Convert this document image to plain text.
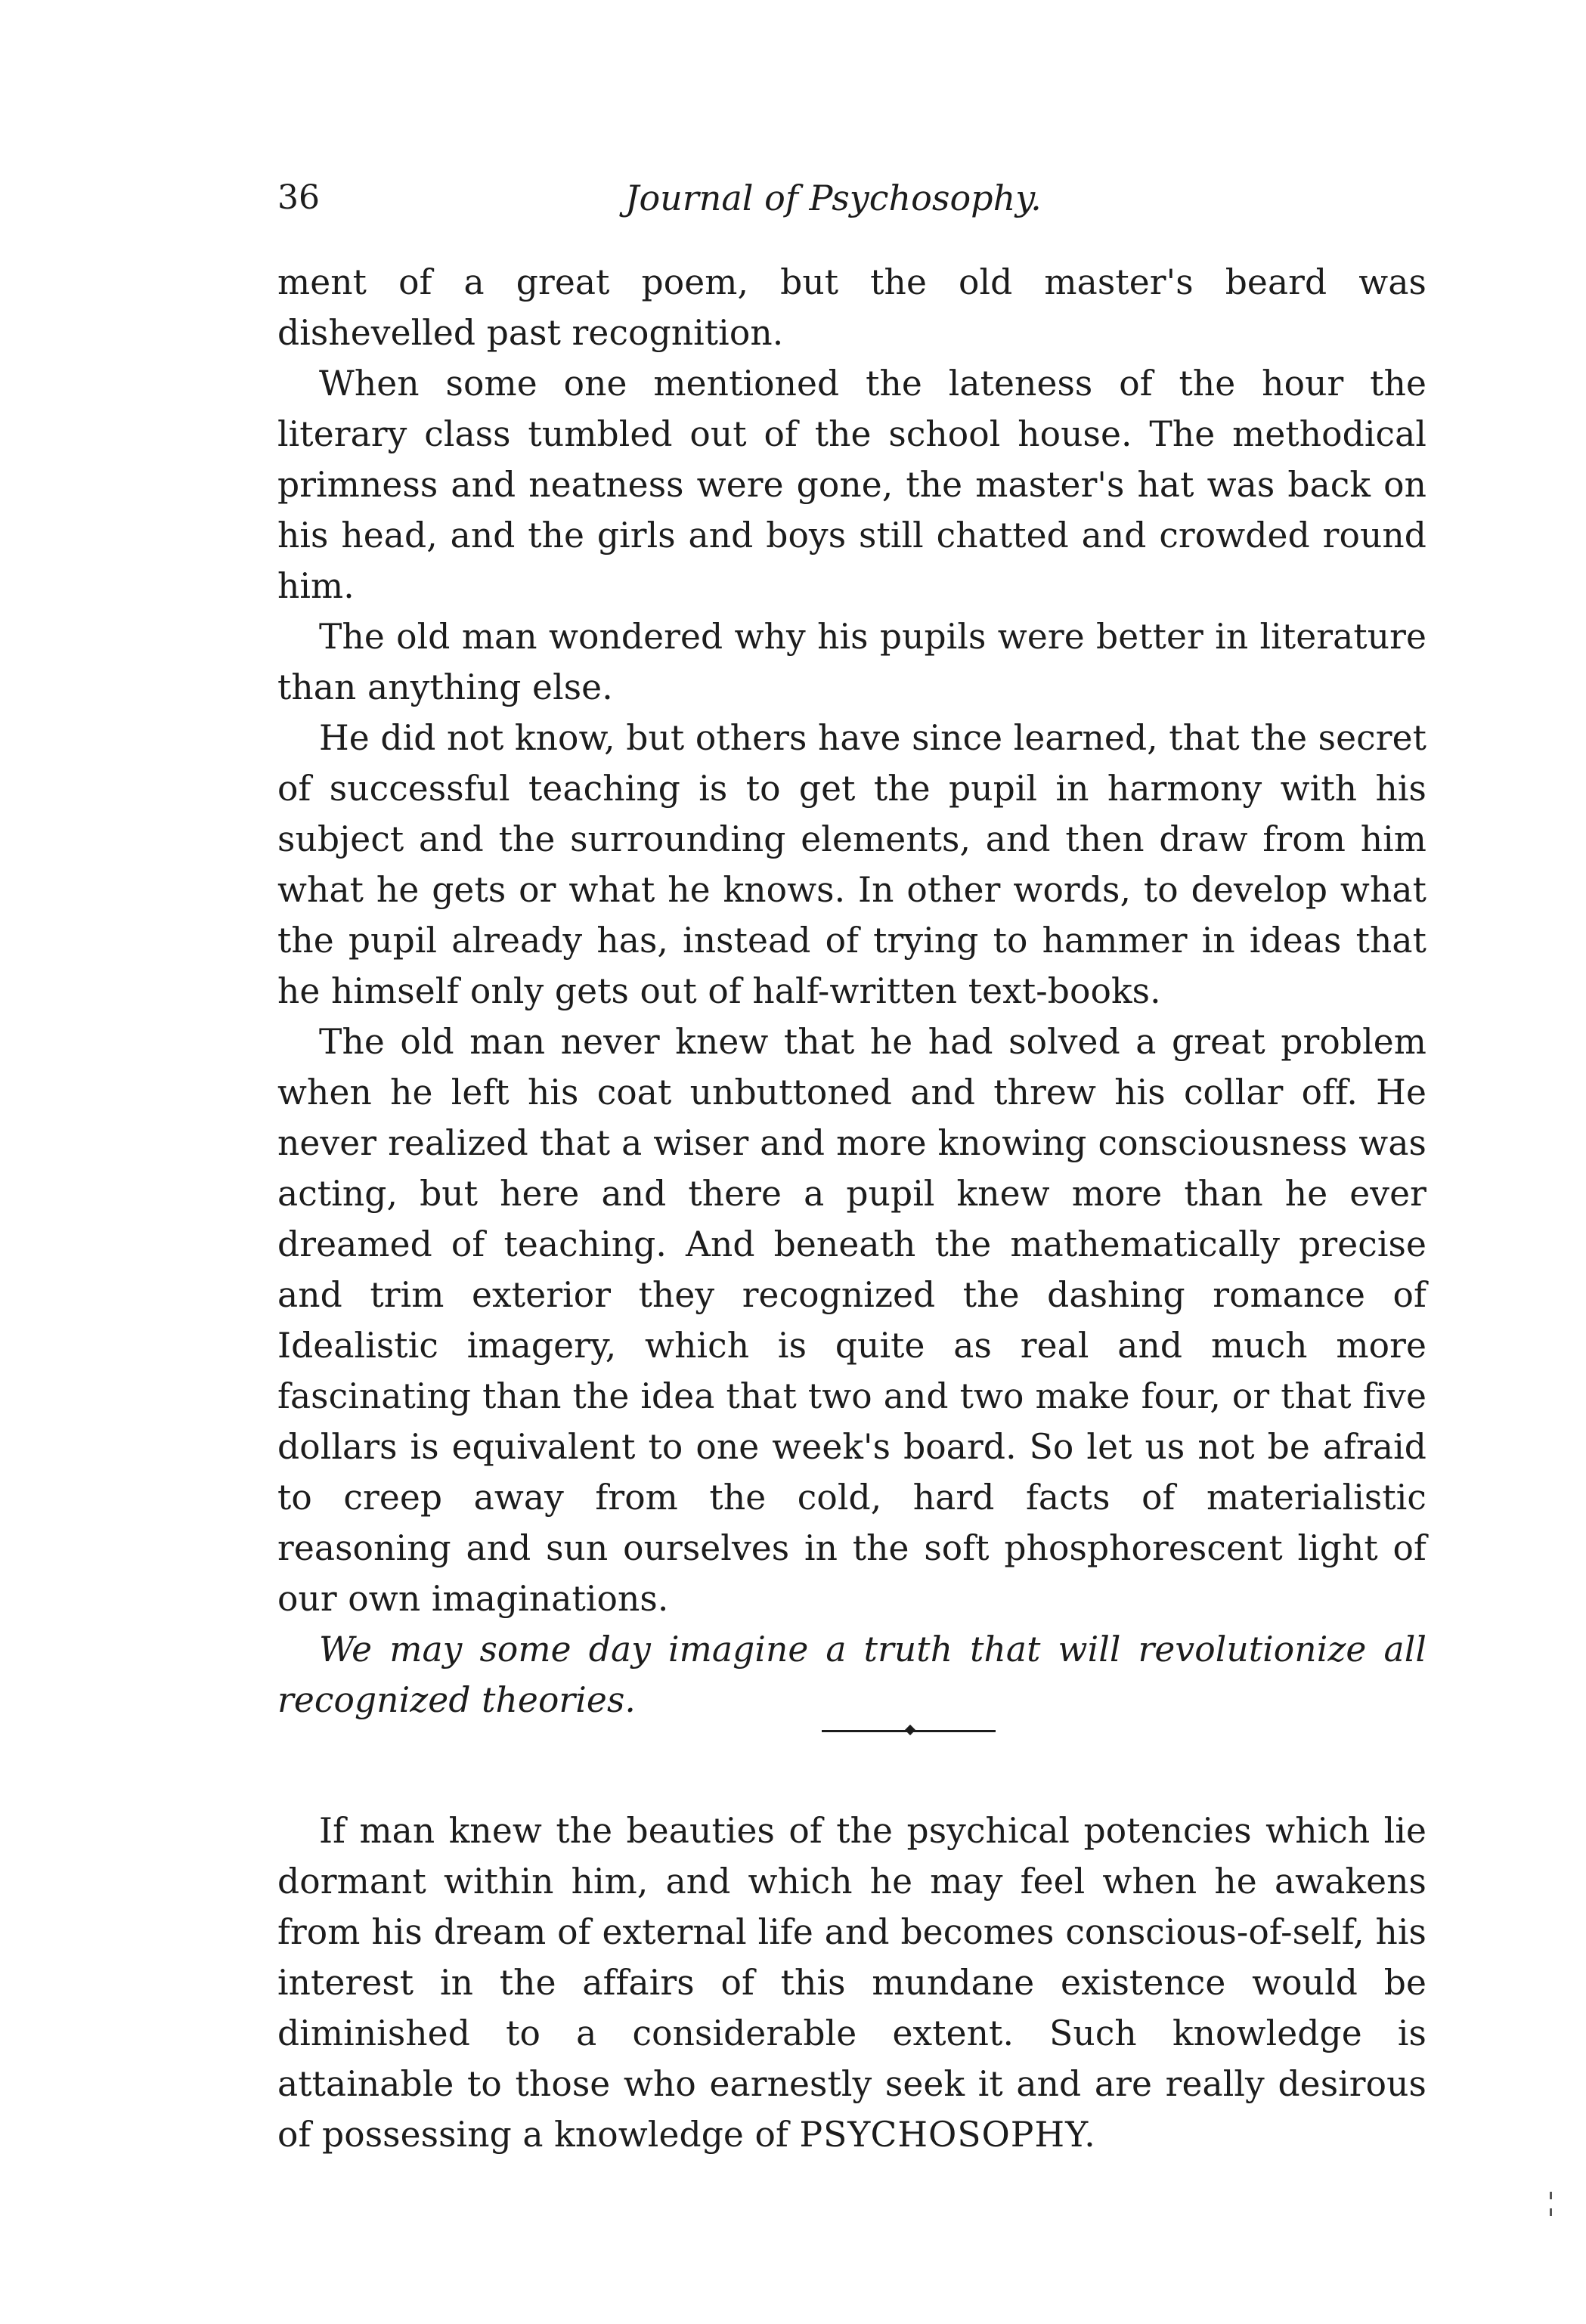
36	Journal of Psychosophy.

ment of a great poem, but the old master's beard was dishevelled past recognition.

When some one mentioned the lateness of the hour the literary class tumbled out of the school house. The methodical primness and neatness were gone, the master's hat was back on his head, and the girls and boys still chatted and crowded round him.

The old man wondered why his pupils were better in literature than anything else.

He did not know, but others have since learned, that the secret of successful teaching is to get the pupil in harmony with his subject and the surrounding elements, and then draw from him what he gets or what he knows. In other words, to develop what the pupil already has, instead of trying to hammer in ideas that he himself only gets out of half-written text-books.

The old man never knew that he had solved a great problem when he left his coat unbuttoned and threw his collar off. He never realized that a wiser and more knowing consciousness was acting, but here and there a pupil knew more than he ever dreamed of teaching. And beneath the mathematically precise and trim exterior they recognized the dashing romance of Idealistic imagery, which is quite as real and much more fascinating than the idea that two and two make four, or that five dollars is equivalent to one week's board. So let us not be afraid to creep away from the cold, hard facts of materialistic reasoning and sun ourselves in the soft phosphorescent light of our own imaginations.

We may some day imagine a truth that will revolutionize all recognized theories.

If man knew the beauties of the psychical potencies which lie dormant within him, and which he may feel when he awakens from his dream of external life and becomes conscious-of-self, his interest in the affairs of this mundane existence would be diminished to a considerable extent. Such knowledge is attainable to those who earnestly seek it and are really desirous of possessing a knowledge of PSYCHOSOPHY.
